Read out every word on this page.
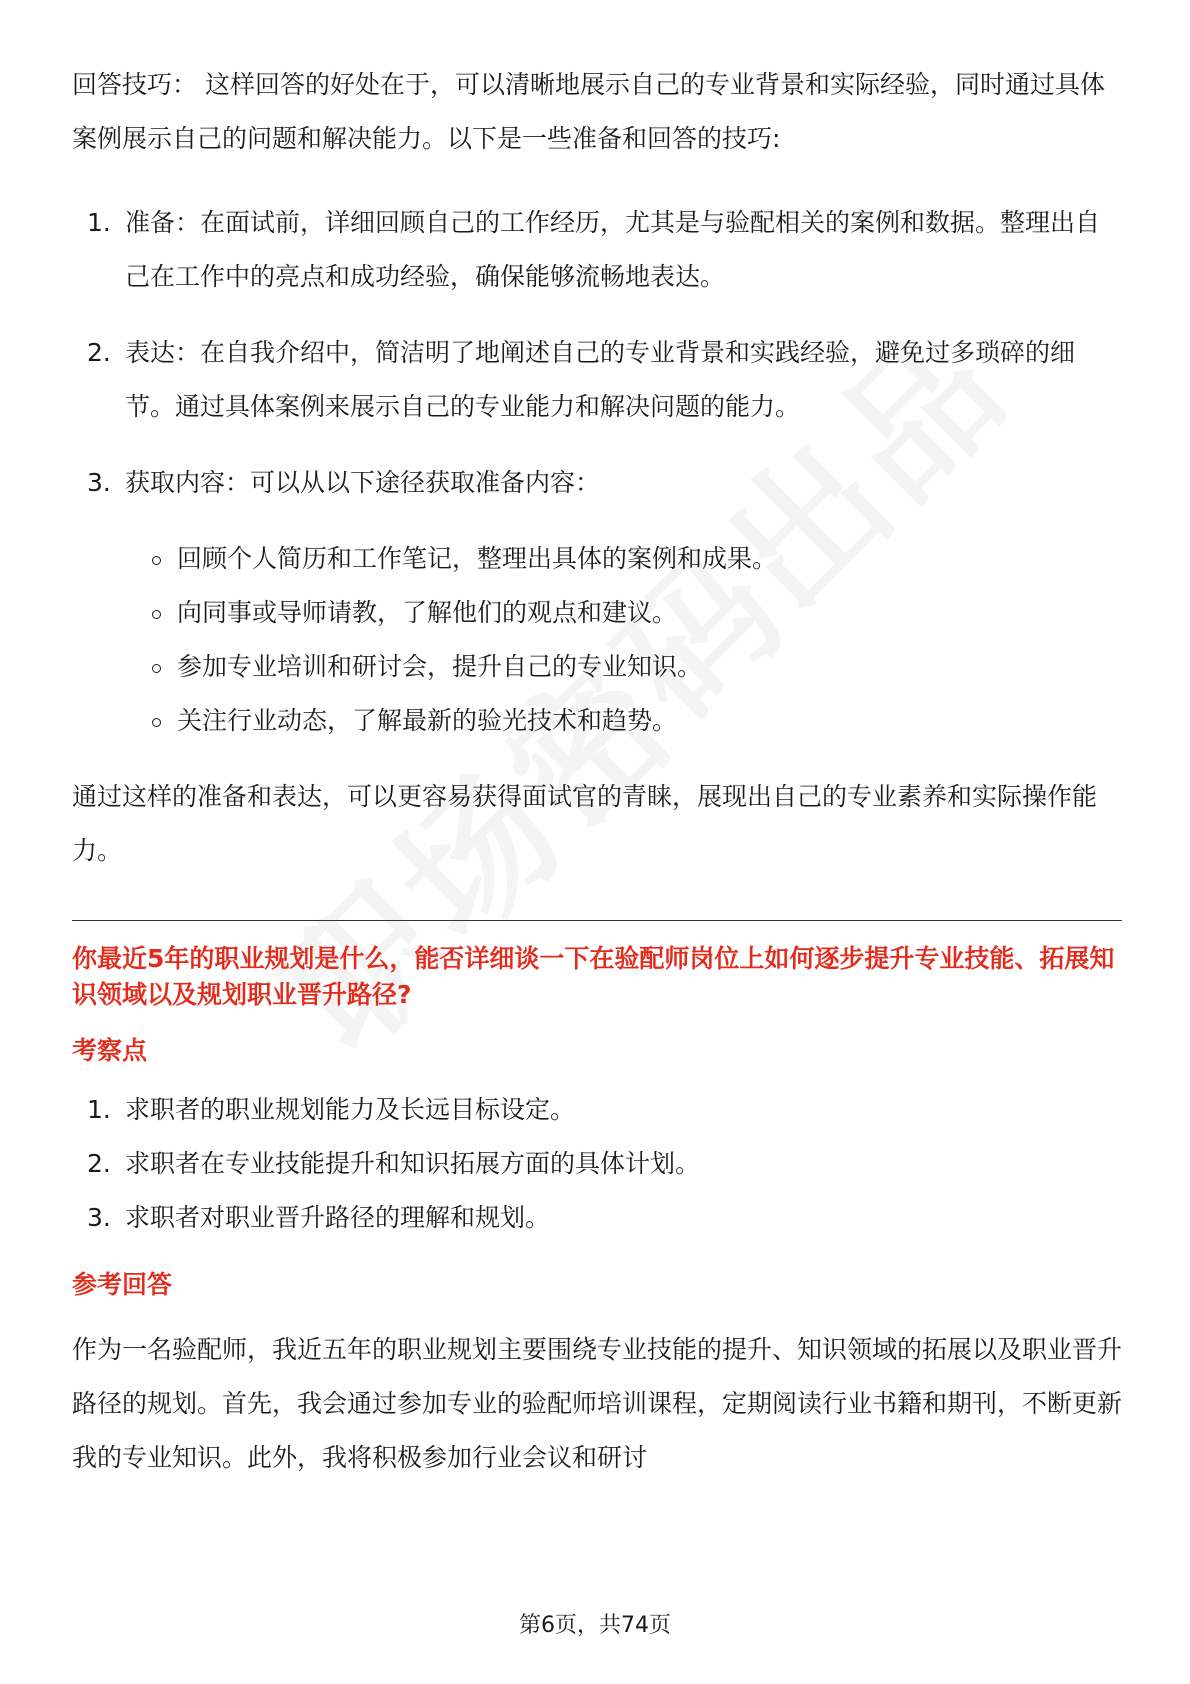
回答技巧： 这样回答的好处在于，可以清晰地展示自己的专业背景和实际经验，同时通过具体案例展示自己的问题和解决能力。以下是一些准备和回答的技巧:

1. 准备：在面试前，详细回顾自己的工作经历，尤其是与验配相关的案例和数据。整理出自己在工作中的亮点和成功经验，确保能够流畅地表达。
2. 表达：在自我介绍中，简洁明了地阐述自己的专业背景和实践经验，避免过多琐碎的细节。通过具体案例来展示自己的专业能力和解决问题的能力。
3. 获取内容：可以从以下途径获取准备内容：
回顾个人简历和工作笔记，整理出具体的案例和成果。
向同事或导师请教，了解他们的观点和建议。
参加专业培训和研讨会，提升自己的专业知识。
关注行业动态，了解最新的验光技术和趋势。

通过这样的准备和表达，可以更容易获得面试官的青睐，展现出自己的专业素养和实际操作能力。

你最近5年的职业规划是什么，能否详细谈一下在验配师岗位上如何逐步提升专业技能、拓展知识领域以及规划职业晋升路径?

考察点

1. 求职者的职业规划能力及长远目标设定。
2. 求职者在专业技能提升和知识拓展方面的具体计划。
3. 求职者对职业晋升路径的理解和规划。

参考回答

作为一名验配师，我近五年的职业规划主要围绕专业技能的提升、知识领域的拓展以及职业晋升路径的规划。首先，我会通过参加专业的验配师培训课程，定期阅读行业书籍和期刊，不断更新我的专业知识。此外，我将积极参加行业会议和研讨

第6页，共74页
